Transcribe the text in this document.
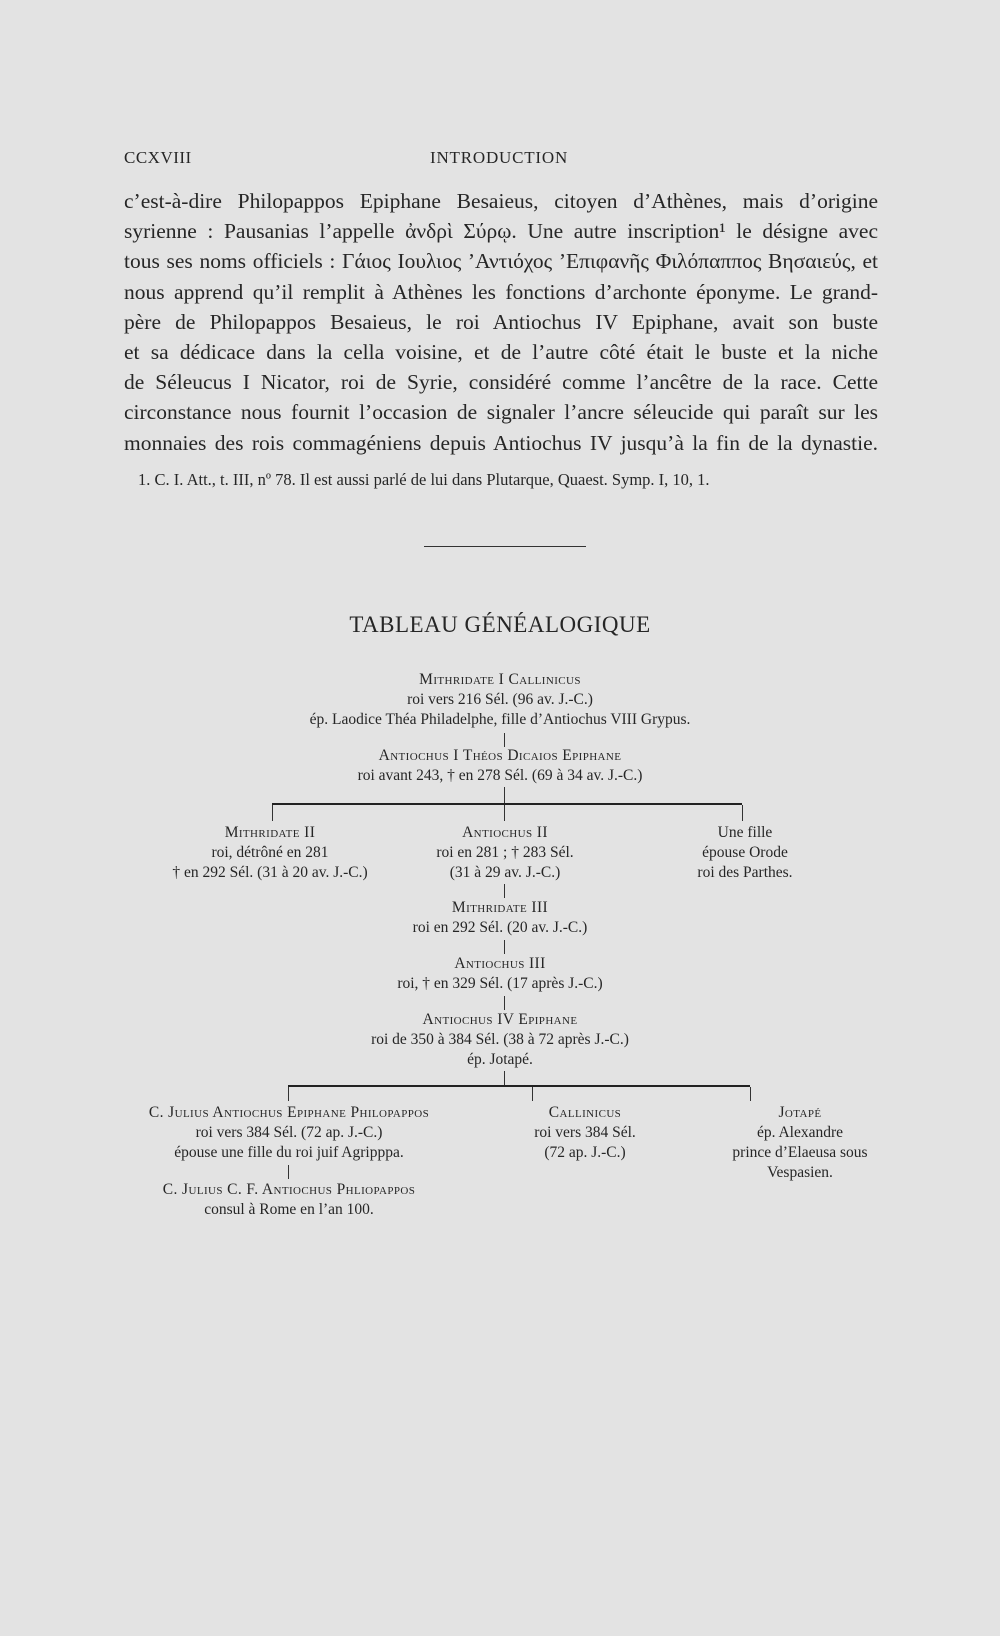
CCXVIII	INTRODUCTION
c’est-à-dire Philopappos Epiphane Besaieus, citoyen d’Athènes, mais d’origine
syrienne : Pausanias l’appelle ἀνδρὶ Σύρῳ. Une autre inscription¹ le désigne avec
tous ses noms officiels : Γάιος Ιουλιος ’Αντιόχος ’Επιφανῆς Φιλόπαππος Βησαιεύς, et
nous apprend qu’il remplit à Athènes les fonctions d’archonte éponyme. Le grand-
père de Philopappos Besaieus, le roi Antiochus IV Epiphane, avait son buste
et sa dédicace dans la cella voisine, et de l’autre côté était le buste et la niche
de Séleucus I Nicator, roi de Syrie, considéré comme l’ancêtre de la race. Cette
circonstance nous fournit l’occasion de signaler l’ancre séleucide qui paraît sur les
monnaies des rois commagéniens depuis Antiochus IV jusqu’à la fin de la dynastie.
1. C. I. Att., t. III, nº 78. Il est aussi parlé de lui dans Plutarque, Quaest. Symp. I, 10, 1.
TABLEAU GÉNÉALOGIQUE
Mithridate I Callinicus
roi vers 216 Sél. (96 av. J.-C.)
ép. Laodice Théa Philadelphe, fille d’Antiochus VIII Grypus.
Antiochus I Théos Dicaios Epiphane
roi avant 243, † en 278 Sél. (69 à 34 av. J.-C.)
Mithridate II
roi, détrôné en 281
† en 292 Sél. (31 à 20 av. J.-C.)
Antiochus II
roi en 281 ; † 283 Sél.
(31 à 29 av. J.-C.)
Une fille
épouse Orode
roi des Parthes.
Mithridate III
roi en 292 Sél. (20 av. J.-C.)
Antiochus III
roi, † en 329 Sél. (17 après J.-C.)
Antiochus IV Epiphane
roi de 350 à 384 Sél. (38 à 72 après J.-C.)
ép. Jotapé.
C. Julius Antiochus Epiphane Philopappos
roi vers 384 Sél. (72 ap. J.-C.)
épouse une fille du roi juif Agripppa.
Callinicus
roi vers 384 Sél.
(72 ap. J.-C.)
Jotapé
ép. Alexandre
prince d’Elaeusa sous
Vespasien.
C. Julius C. F. Antiochus Phliopappos
consul à Rome en l’an 100.
